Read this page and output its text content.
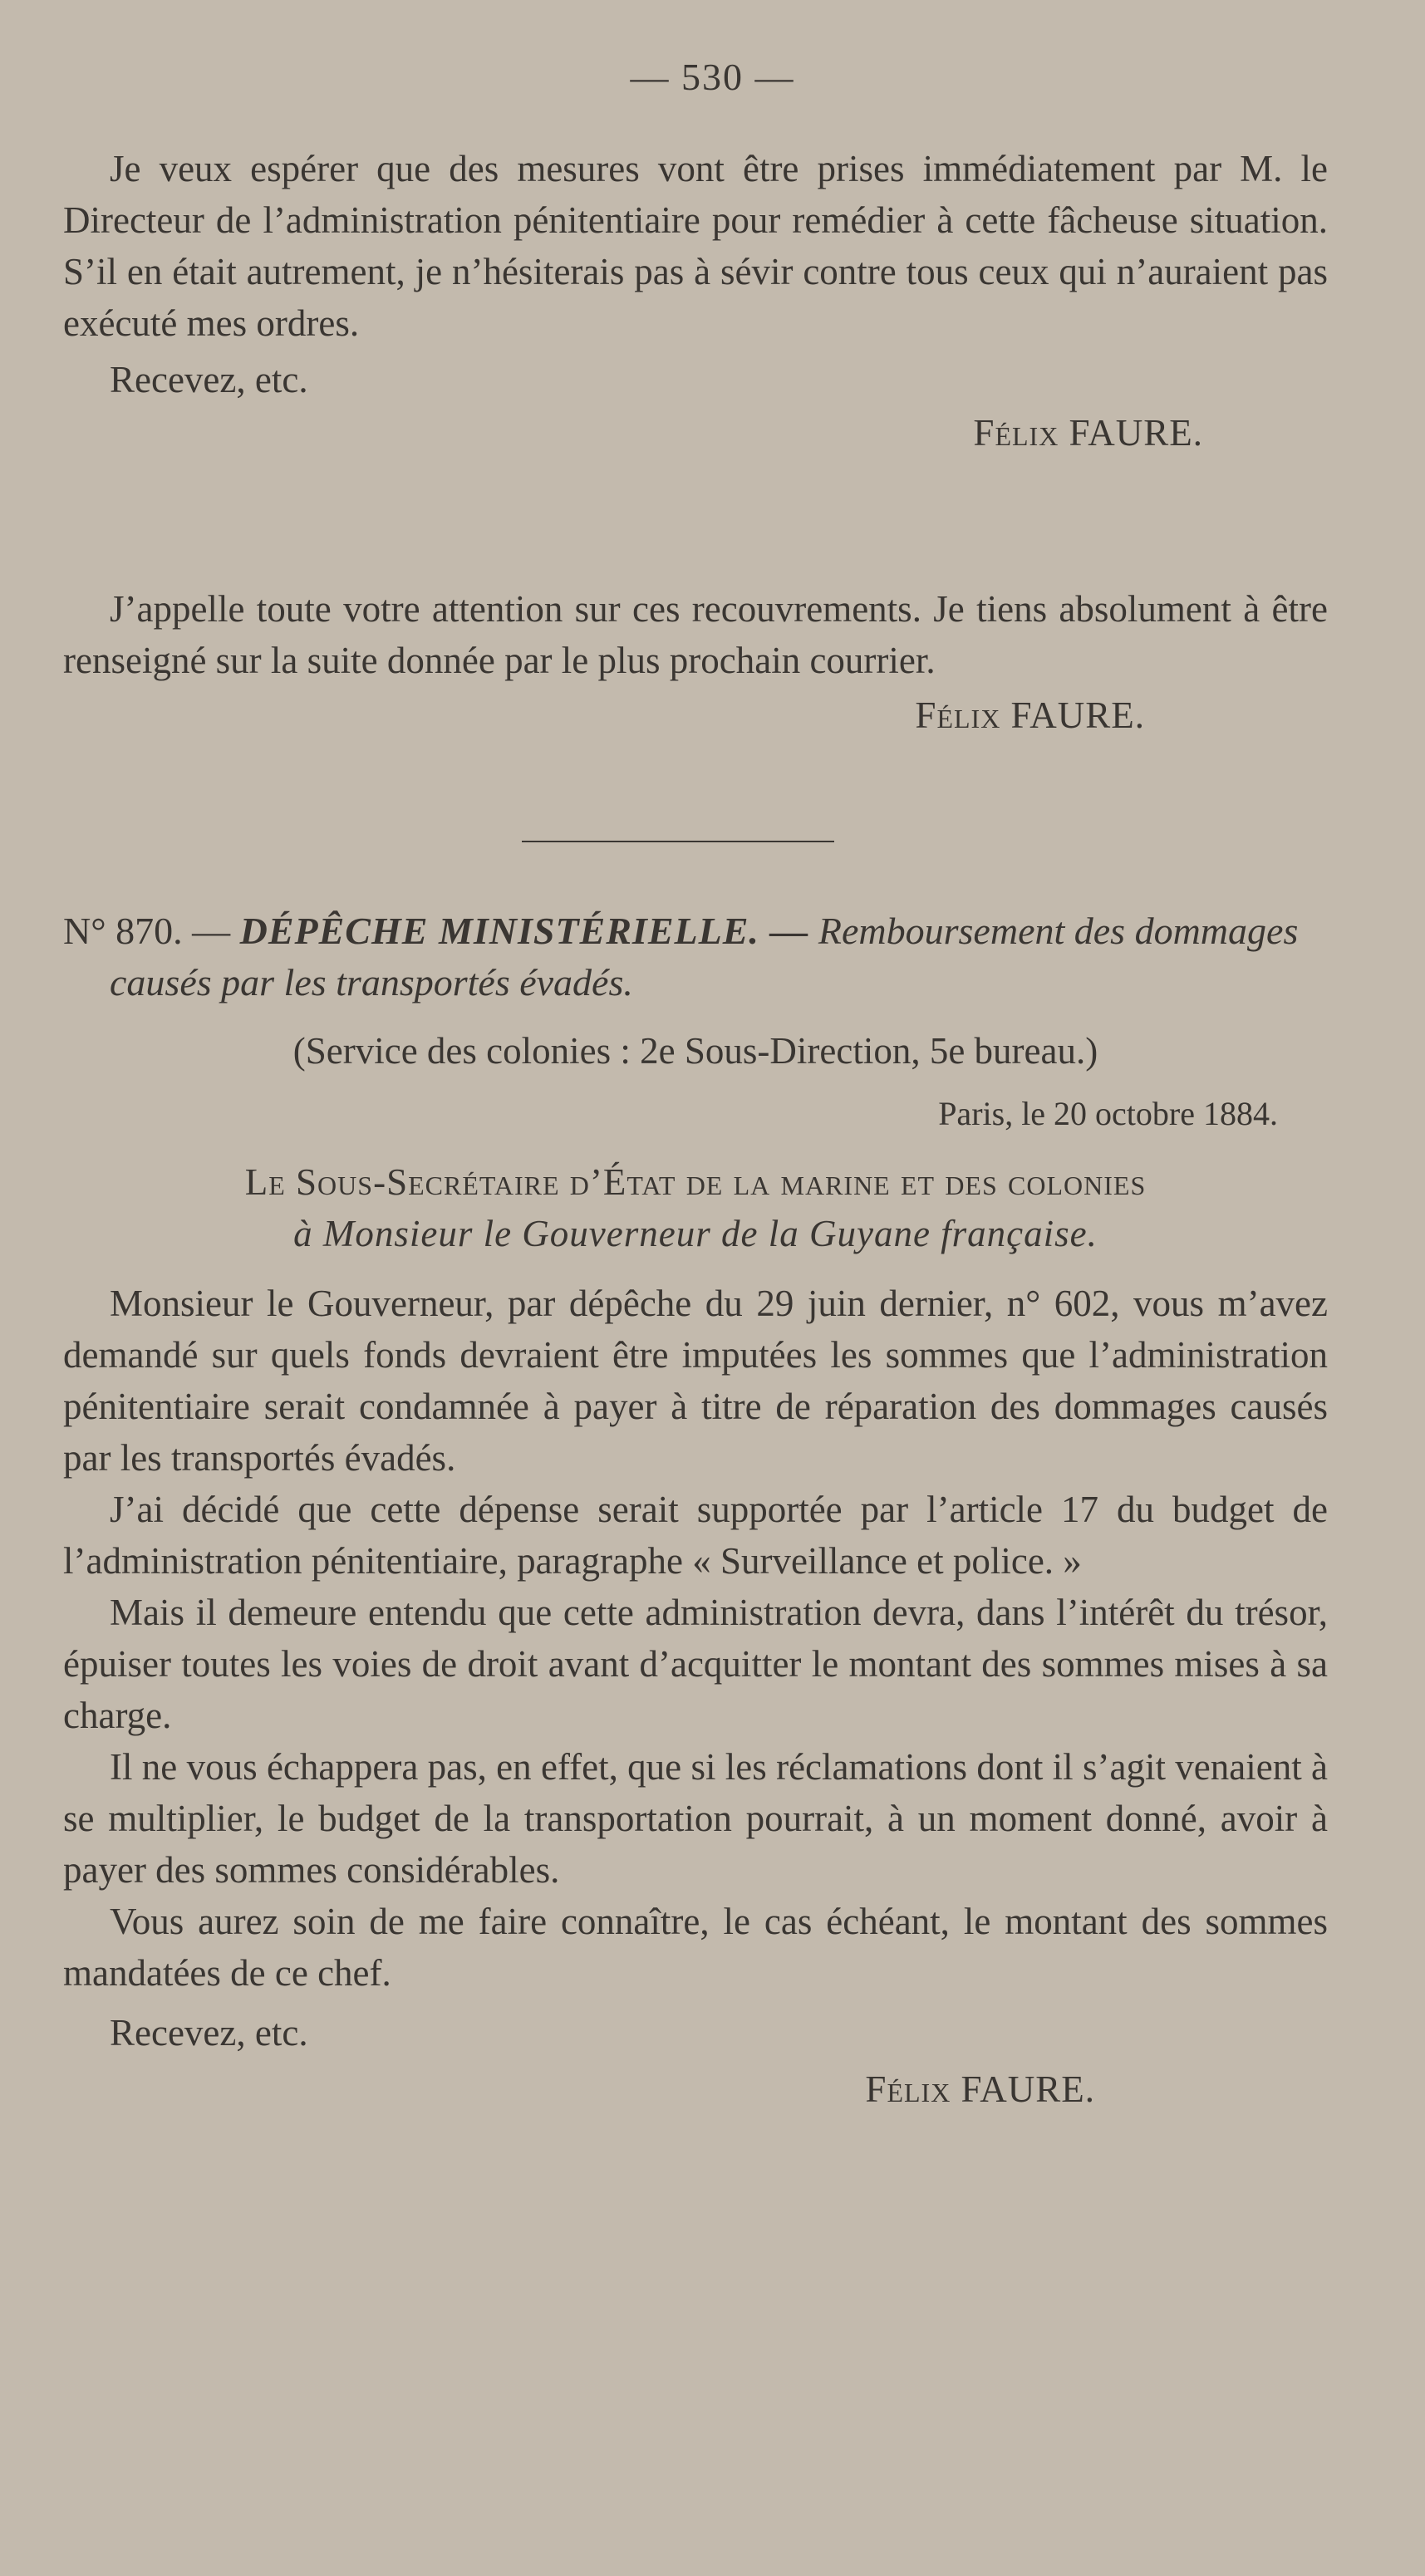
— 530 —

Je veux espérer que des mesures vont être prises immédiatement par M. le Directeur de l’administration pénitentiaire pour remédier à cette fâcheuse situation. S’il en était autrement, je n’hésiterais pas à sévir contre tous ceux qui n’auraient pas exécuté mes ordres.

Recevez, etc.

Félix FAURE.

J’appelle toute votre attention sur ces recouvrements. Je tiens absolument à être renseigné sur la suite donnée par le plus prochain courrier.

Félix FAURE.

N° 870. — DÉPÊCHE MINISTÉRIELLE. — Remboursement des dommages causés par les transportés évadés.

(Service des colonies : 2e Sous-Direction, 5e bureau.)

Paris, le 20 octobre 1884.

Le Sous-Secrétaire d’État de la marine et des colonies
à Monsieur le Gouverneur de la Guyane française.

Monsieur le Gouverneur, par dépêche du 29 juin dernier, n° 602, vous m’avez demandé sur quels fonds devraient être imputées les sommes que l’administration pénitentiaire serait condamnée à payer à titre de réparation des dommages causés par les transportés évadés.

J’ai décidé que cette dépense serait supportée par l’article 17 du budget de l’administration pénitentiaire, paragraphe « Surveillance et police. »

Mais il demeure entendu que cette administration devra, dans l’intérêt du trésor, épuiser toutes les voies de droit avant d’acquitter le montant des sommes mises à sa charge.

Il ne vous échappera pas, en effet, que si les réclamations dont il s’agit venaient à se multiplier, le budget de la transportation pourrait, à un moment donné, avoir à payer des sommes considérables.

Vous aurez soin de me faire connaître, le cas échéant, le montant des sommes mandatées de ce chef.

Recevez, etc.

Félix FAURE.
